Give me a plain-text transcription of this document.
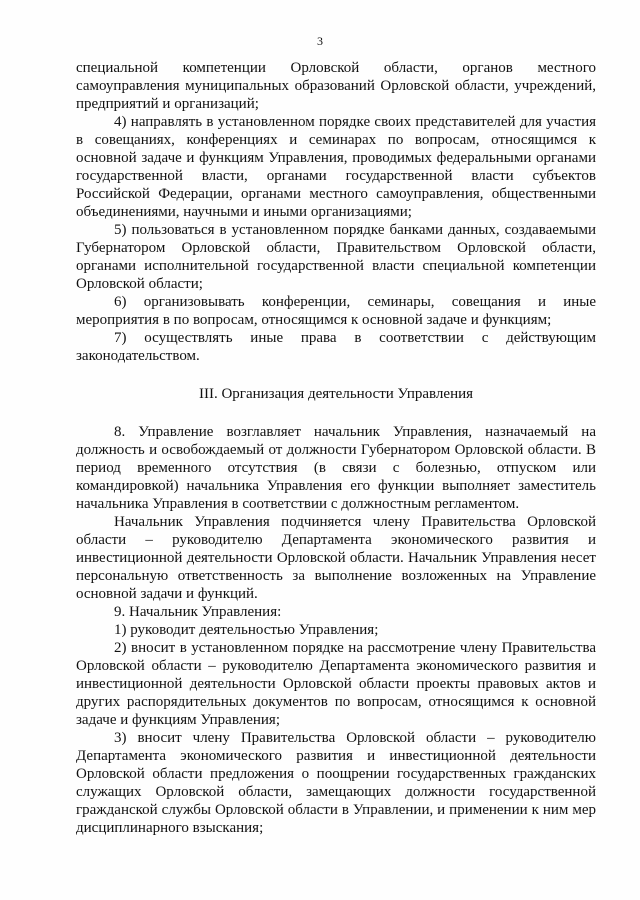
3

специальной компетенции Орловской области, органов местного самоуправления муниципальных образований Орловской области, учреждений, предприятий и организаций;

4) направлять в установленном порядке своих представителей для участия в совещаниях, конференциях и семинарах по вопросам, относящимся к основной задаче и функциям Управления, проводимых федеральными органами государственной власти, органами государственной власти субъектов Российской Федерации, органами местного самоуправления, общественными объединениями, научными и иными организациями;

5) пользоваться в установленном порядке банками данных, создаваемыми Губернатором Орловской области, Правительством Орловской области, органами исполнительной государственной власти специальной компетенции Орловской области;

6) организовывать конференции, семинары, совещания и иные мероприятия в по вопросам, относящимся к основной задаче и функциям;

7) осуществлять иные права в соответствии с действующим законодательством.

III. Организация деятельности Управления

8. Управление возглавляет начальник Управления, назначаемый на должность и освобождаемый от должности Губернатором Орловской области. В период временного отсутствия (в связи с болезнью, отпуском или командировкой) начальника Управления его функции выполняет заместитель начальника Управления в соответствии с должностным регламентом.

Начальник Управления подчиняется члену Правительства Орловской области – руководителю Департамента экономического развития и инвестиционной деятельности Орловской области. Начальник Управления несет персональную ответственность за выполнение возложенных на Управление основной задачи и функций.

9. Начальник Управления:

1) руководит деятельностью Управления;

2) вносит в установленном порядке на рассмотрение члену Правительства Орловской области – руководителю Департамента экономического развития и инвестиционной деятельности Орловской области проекты правовых актов и других распорядительных документов по вопросам, относящимся к основной задаче и функциям Управления;

3) вносит члену Правительства Орловской области – руководителю Департамента экономического развития и инвестиционной деятельности Орловской области предложения о поощрении государственных гражданских служащих Орловской области, замещающих должности государственной гражданской службы Орловской области в Управлении, и применении к ним мер дисциплинарного взыскания;
